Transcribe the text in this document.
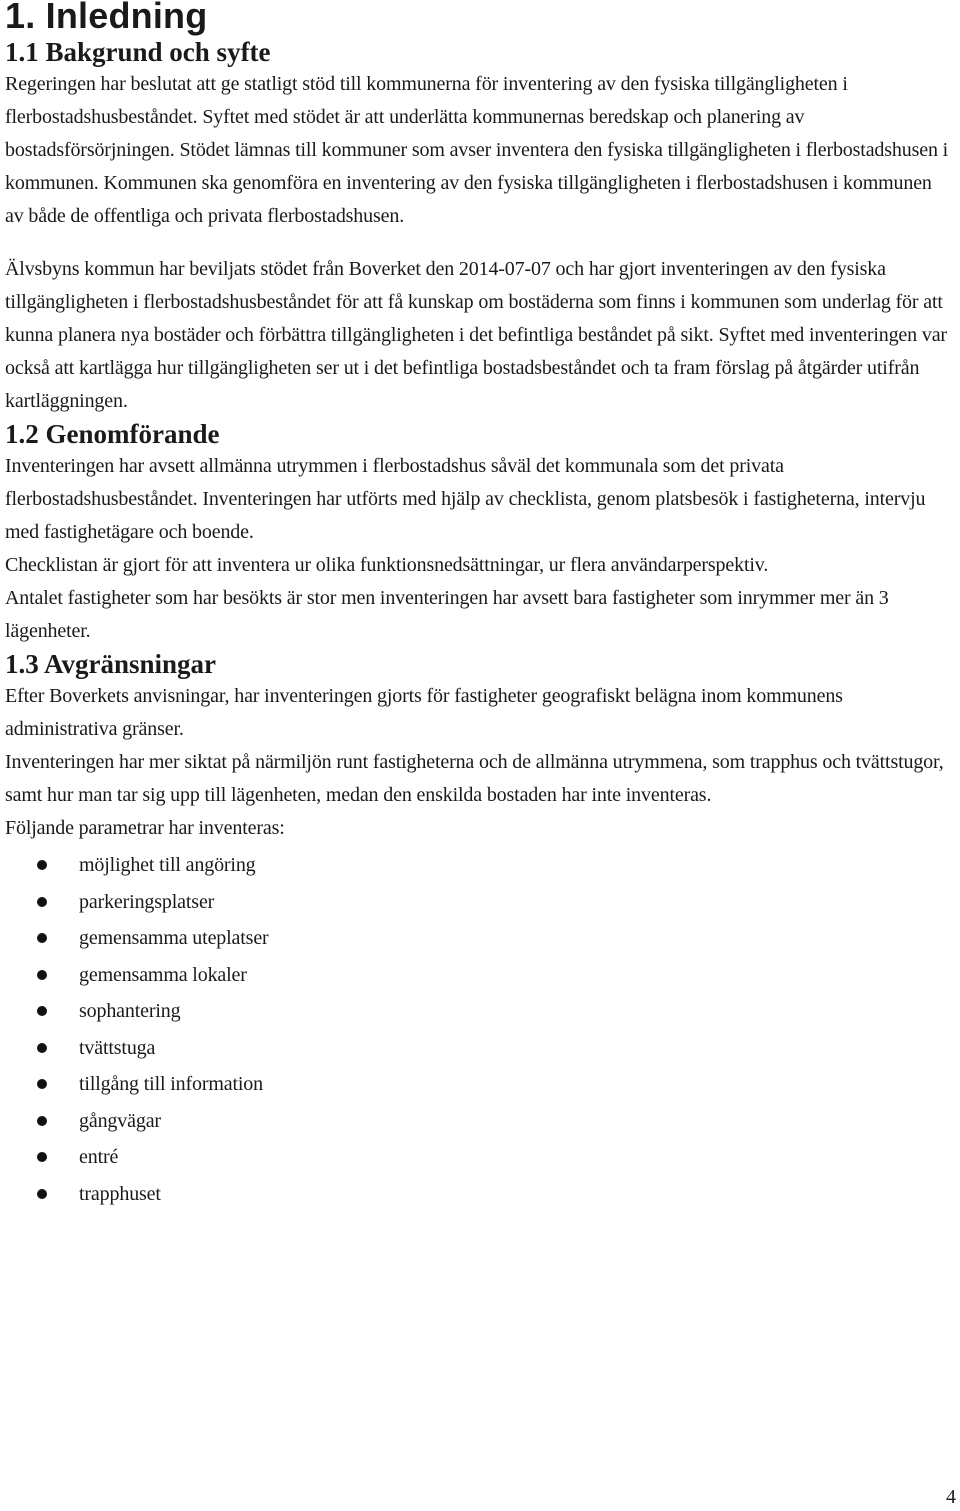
1. Inledning
1.1 Bakgrund och syfte

Regeringen har beslutat att ge statligt stöd till kommunerna för inventering av den fysiska tillgängligheten i flerbostadshusbeståndet. Syftet med stödet är att underlätta kommunernas beredskap och planering av bostadsförsörjningen. Stödet lämnas till kommuner som avser inventera den fysiska tillgängligheten i flerbostadshusen i kommunen. Kommunen ska genomföra en inventering av den fysiska tillgängligheten i flerbostadshusen i kommunen av både de offentliga och privata flerbostadshusen.

Älvsbyns kommun har beviljats stödet från Boverket den 2014-07-07 och har gjort inventeringen av den fysiska tillgängligheten i flerbostadshusbeståndet för att få kunskap om bostäderna som finns i kommunen som underlag för att kunna planera nya bostäder och förbättra tillgängligheten i det befintliga beståndet på sikt. Syftet med inventeringen var också att kartlägga hur tillgängligheten ser ut i det befintliga bostadsbeståndet och ta fram förslag på åtgärder utifrån kartläggningen.

1.2 Genomförande

Inventeringen har avsett allmänna utrymmen i flerbostadshus såväl det kommunala som det privata flerbostadshusbeståndet. Inventeringen har utförts med hjälp av checklista, genom platsbesök i fastigheterna, intervju med fastighetägare och boende.

Checklistan är gjort för att inventera ur olika funktionsnedsättningar, ur flera användarperspektiv.

Antalet fastigheter som har besökts är stor men inventeringen har avsett bara fastigheter som inrymmer mer än 3 lägenheter.

1.3 Avgränsningar

Efter Boverkets anvisningar, har inventeringen gjorts för fastigheter geografiskt belägna inom kommunens administrativa gränser.

Inventeringen har mer siktat på närmiljön runt fastigheterna och de allmänna utrymmena, som trapphus och tvättstugor, samt hur man tar sig upp till lägenheten, medan den enskilda bostaden har inte inventeras.

Följande parametrar har inventeras:

möjlighet till angöring
parkeringsplatser
gemensamma uteplatser
gemensamma lokaler
sophantering
tvättstuga
tillgång till information
gångvägar
entré
trapphuset
4
